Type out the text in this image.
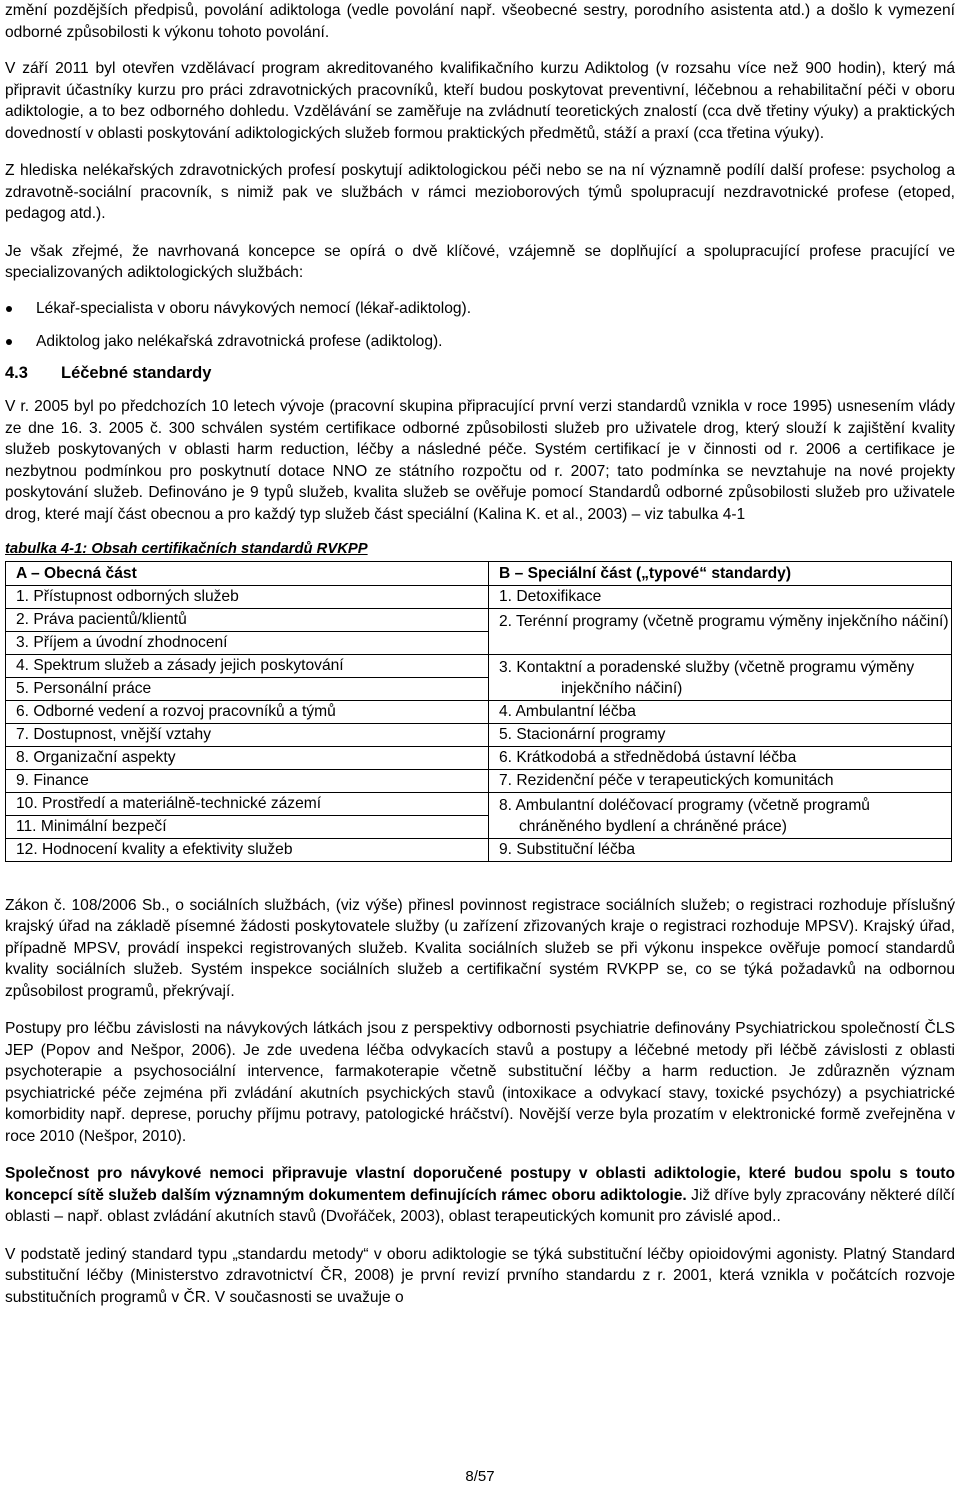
změní pozdějších předpisů, povolání adiktologa (vedle povolání např. všeobecné sestry, porodního asistenta atd.) a došlo k vymezení odborné způsobilosti k výkonu tohoto povolání.

V září 2011 byl otevřen vzdělávací program akreditovaného kvalifikačního kurzu Adiktolog (v rozsahu více než 900 hodin), který má připravit účastníky kurzu pro práci zdravotnických pracovníků, kteří budou poskytovat preventivní, léčebnou a rehabilitační péči v oboru adiktologie, a to bez odborného dohledu. Vzdělávání se zaměřuje na zvládnutí teoretických znalostí (cca dvě třetiny výuky) a praktických dovedností v oblasti poskytování adiktologických služeb formou praktických předmětů, stáží a praxí (cca třetina výuky).

Z hlediska nelékařských zdravotnických profesí poskytují adiktologickou péči nebo se na ní významně podílí další profese: psycholog a zdravotně-sociální pracovník, s nimiž pak ve službách v rámci mezioborových týmů spolupracují nezdravotnické profese (etoped, pedagog atd.).

Je však zřejmé, že navrhovaná koncepce se opírá o dvě klíčové, vzájemně se doplňující a spolupracující profese pracující ve specializovaných adiktologických službách:

Lékař-specialista v oboru návykových nemocí (lékař-adiktolog).
Adiktolog jako nelékařská zdravotnická profese (adiktolog).

4.3 Léčebné standardy

V r. 2005 byl po předchozích 10 letech vývoje (pracovní skupina připracující první verzi standardů vznikla v roce 1995) usnesením vlády ze dne 16. 3. 2005 č. 300 schválen systém certifikace odborné způsobilosti služeb pro uživatele drog, který slouží k zajištění kvality služeb poskytovaných v oblasti harm reduction, léčby a následné péče. Systém certifikací je v činnosti od r. 2006 a certifikace je nezbytnou podmínkou pro poskytnutí dotace NNO ze státního rozpočtu od r. 2007; tato podmínka se nevztahuje na nové projekty poskytování služeb. Definováno je 9 typů služeb, kvalita služeb se ověřuje pomocí Standardů odborné způsobilosti služeb pro uživatele drog, které mají část obecnou a pro každý typ služeb část speciální (Kalina K. et al., 2003) – viz tabulka 4-1

tabulka 4-1: Obsah certifikačních standardů RVKPP

A – Obecná část	B – Speciální část („typové“ standardy)
1. Přístupnost odborných služeb	1. Detoxifikace
2. Práva pacientů/klientů	2. Terénní programy (včetně programu výměny injekčního náčiní)
3. Příjem a úvodní zhodnocení	
4. Spektrum služeb a zásady jejich poskytování	3. Kontaktní a poradenské služby (včetně programu výměny injekčního náčiní)
5. Personální práce	
6. Odborné vedení a rozvoj pracovníků a týmů	4. Ambulantní léčba
7. Dostupnost, vnější vztahy	5. Stacionární programy
8. Organizační aspekty	6. Krátkodobá a střednědobá ústavní léčba
9. Finance	7. Rezidenční péče v terapeutických komunitách
10. Prostředí a materiálně-technické zázemí	8. Ambulantní doléčovací programy (včetně programů chráněného bydlení a chráněné práce)
11. Minimální bezpečí	
12. Hodnocení kvality a efektivity služeb	9. Substituční léčba

Zákon č. 108/2006 Sb., o sociálních službách, (viz výše) přinesl povinnost registrace sociálních služeb; o registraci rozhoduje příslušný krajský úřad na základě písemné žádosti poskytovatele služby (u zařízení zřizovaných kraje o registraci rozhoduje MPSV). Krajský úřad, případně MPSV, provádí inspekci registrovaných služeb. Kvalita sociálních služeb se při výkonu inspekce ověřuje pomocí standardů kvality sociálních služeb. Systém inspekce sociálních služeb a certifikační systém RVKPP se, co se týká požadavků na odbornou způsobilost programů, překrývají.

Postupy pro léčbu závislosti na návykových látkách jsou z perspektivy odbornosti psychiatrie definovány Psychiatrickou společností ČLS JEP (Popov and Nešpor, 2006). Je zde uvedena léčba odvykacích stavů a postupy a léčebné metody při léčbě závislosti z oblasti psychoterapie a psychosociální intervence, farmakoterapie včetně substituční léčby a harm reduction. Je zdůrazněn význam psychiatrické péče zejména při zvládání akutních psychických stavů (intoxikace a odvykací stavy, toxické psychózy) a psychiatrické komorbidity např. deprese, poruchy příjmu potravy, patologické hráčství). Novější verze byla prozatím v elektronické formě zveřejněna v roce 2010 (Nešpor, 2010).

Společnost pro návykové nemoci připravuje vlastní doporučené postupy v oblasti adiktologie, které budou spolu s touto koncepcí sítě služeb dalším významným dokumentem definujících rámec oboru adiktologie. Již dříve byly zpracovány některé dílčí oblasti – např. oblast zvládání akutních stavů (Dvořáček, 2003), oblast terapeutických komunit pro závislé apod..

V podstatě jediný standard typu „standardu metody“ v oboru adiktologie se týká substituční léčby opioidovými agonisty. Platný Standard substituční léčby (Ministerstvo zdravotnictví ČR, 2008) je první revizí prvního standardu z r. 2001, která vznikla v počátcích rozvoje substitučních programů v ČR. V současnosti se uvažuje o

8/57
